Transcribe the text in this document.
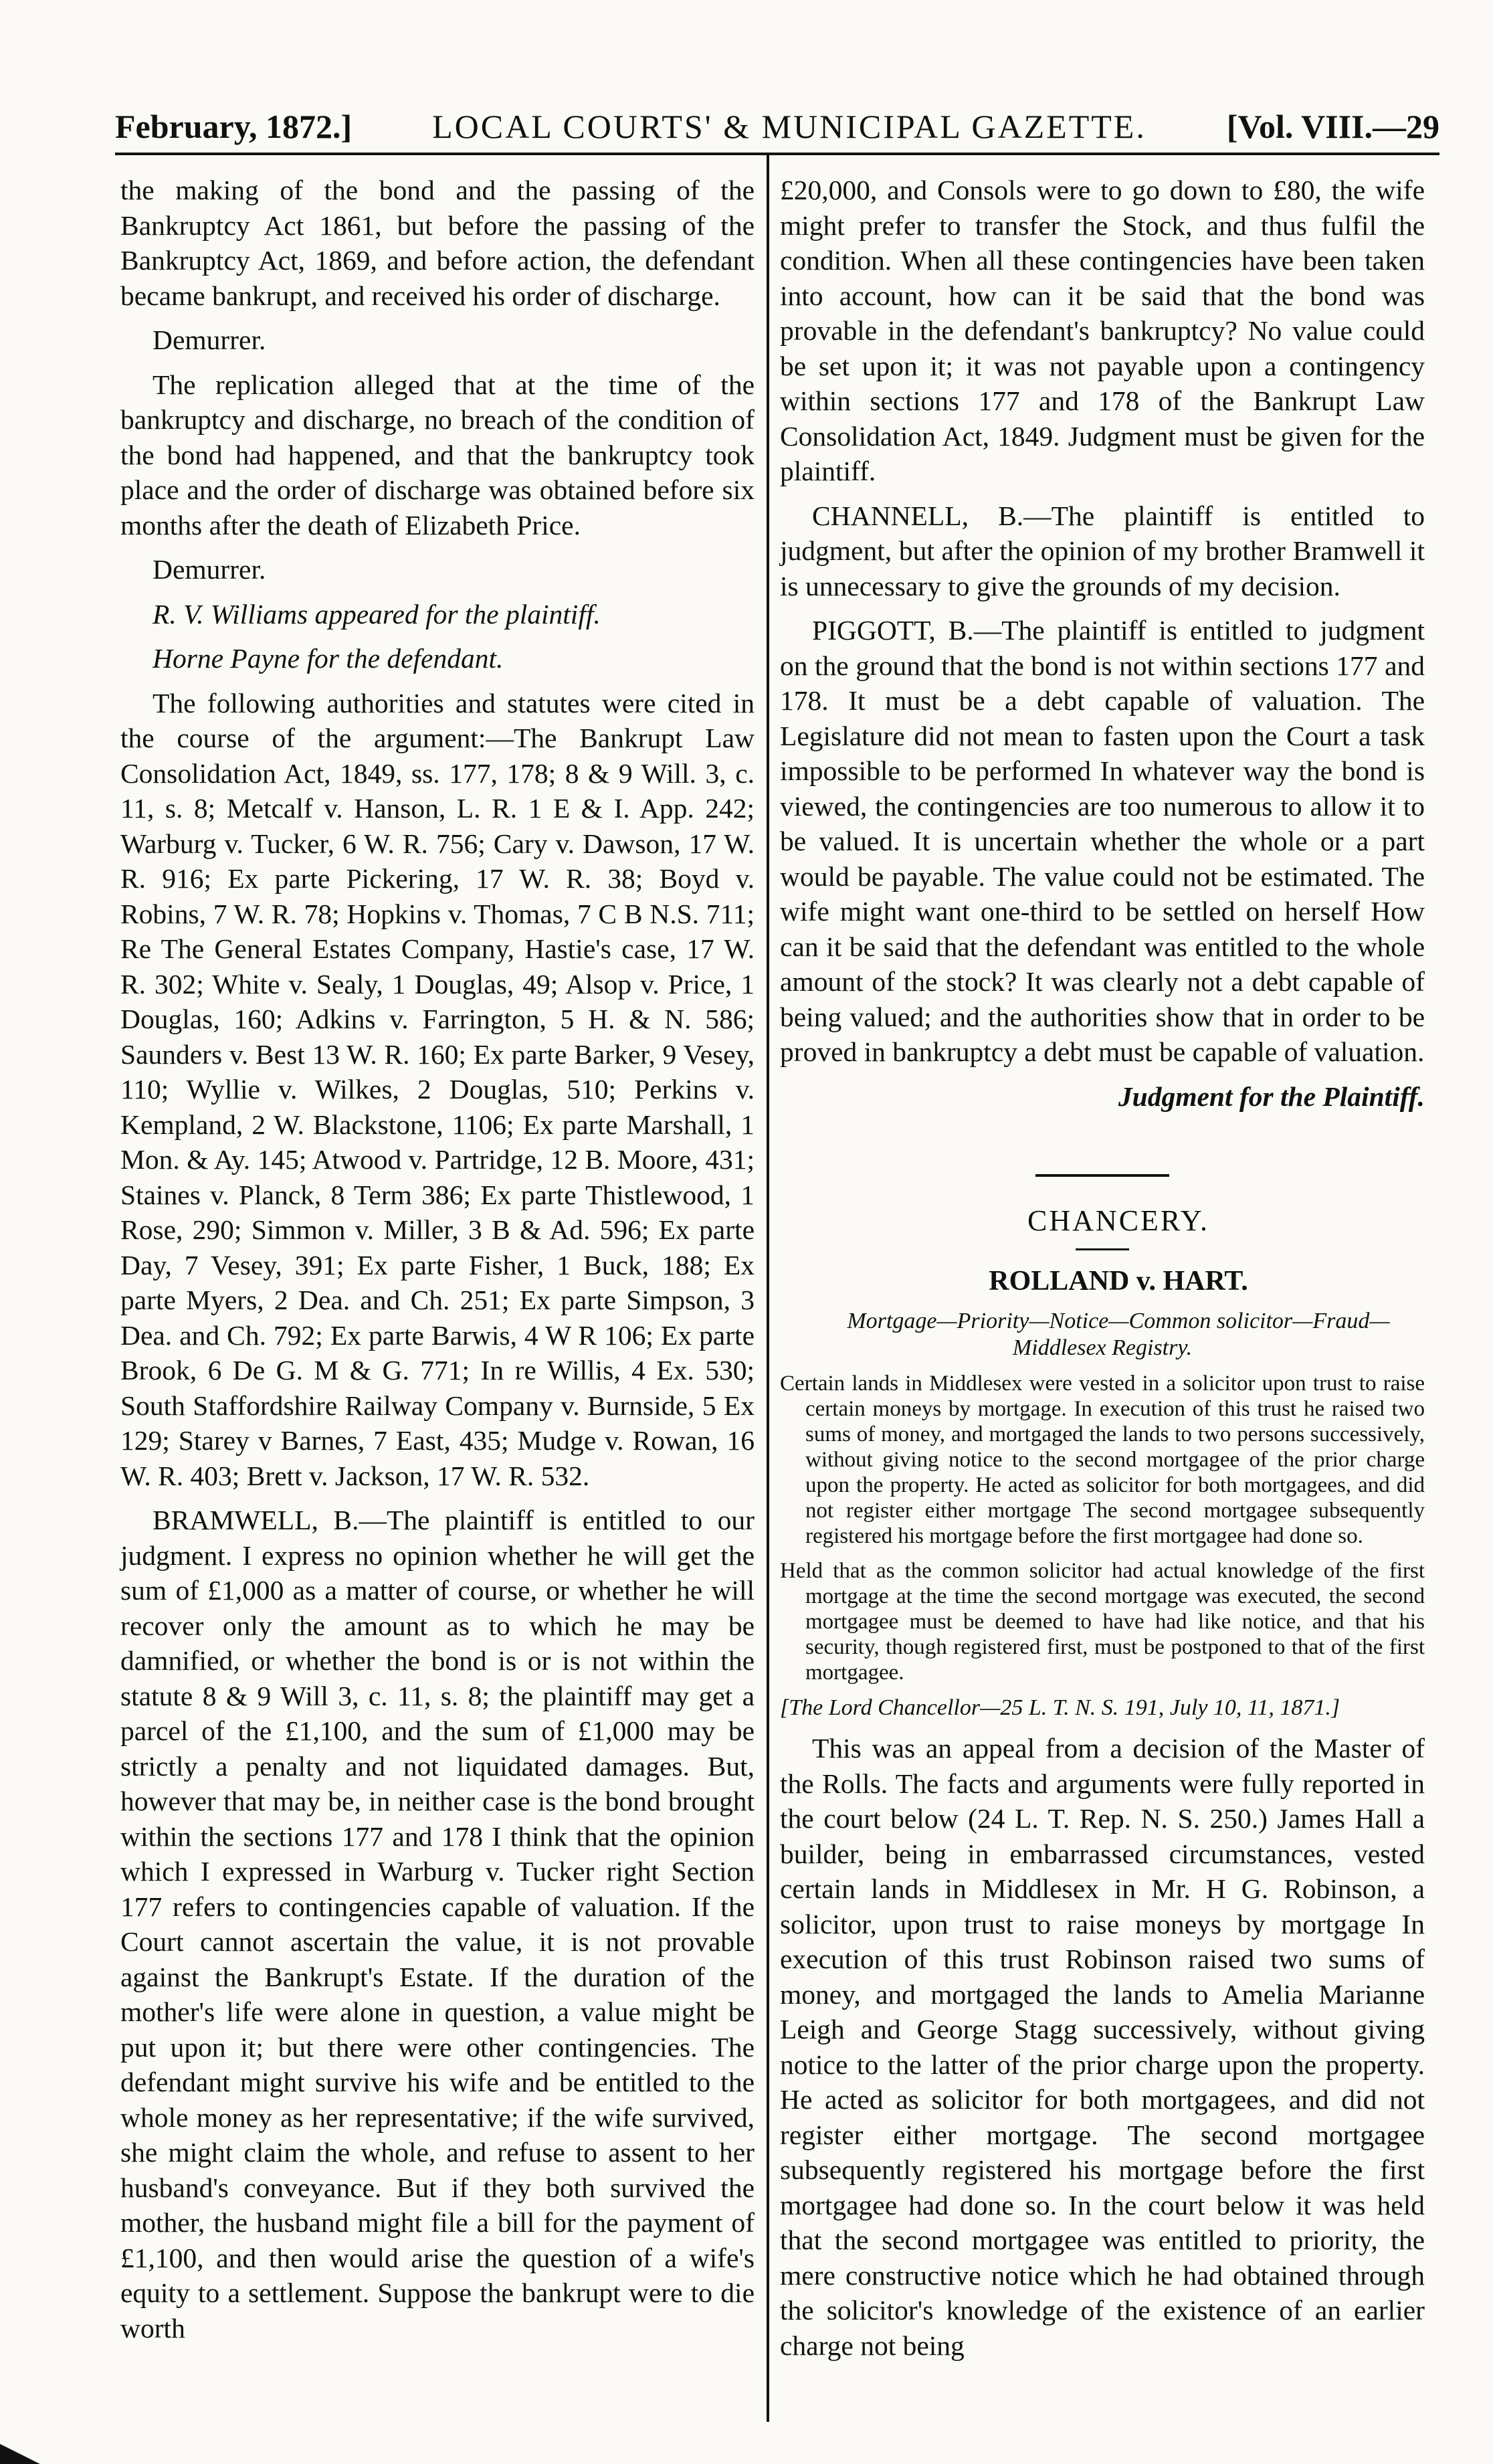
February, 1872.] LOCAL COURTS' & MUNICIPAL GAZETTE. [Vol. VIII.—29

the making of the bond and the passing of the Bankruptcy Act 1861, but before the passing of the Bankruptcy Act, 1869, and before action, the defendant became bankrupt, and received his order of discharge.

Demurrer.

The replication alleged that at the time of the bankruptcy and discharge, no breach of the condition of the bond had happened, and that the bankruptcy took place and the order of discharge was obtained before six months after the death of Elizabeth Price.

Demurrer.

R. V. Williams appeared for the plaintiff.

Horne Payne for the defendant.

The following authorities and statutes were cited in the course of the argument:—The Bankrupt Law Consolidation Act, 1849, ss. 177, 178; 8 & 9 Will. 3, c. 11, s. 8; Metcalf v. Hanson, L. R. 1 E & I. App. 242; Warburg v. Tucker, 6 W. R. 756; Cary v. Dawson, 17 W. R. 916; Ex parte Pickering, 17 W. R. 38; Boyd v. Robins, 7 W. R. 78; Hopkins v. Thomas, 7 C B N.S. 711; Re The General Estates Company, Hastie's case, 17 W. R. 302; White v. Sealy, 1 Douglas, 49; Alsop v. Price, 1 Douglas, 160; Adkins v. Farrington, 5 H. & N. 586; Saunders v. Best 13 W. R. 160; Ex parte Barker, 9 Vesey, 110; Wyllie v. Wilkes, 2 Douglas, 510; Perkins v. Kempland, 2 W. Blackstone, 1106; Ex parte Marshall, 1 Mon. & Ay. 145; Atwood v. Partridge, 12 B. Moore, 431; Staines v. Planck, 8 Term 386; Ex parte Thistlewood, 1 Rose, 290; Simmon v. Miller, 3 B & Ad. 596; Ex parte Day, 7 Vesey, 391; Ex parte Fisher, 1 Buck, 188; Ex parte Myers, 2 Dea. and Ch. 251; Ex parte Simpson, 3 Dea. and Ch. 792; Ex parte Barwis, 4 W R 106; Ex parte Brook, 6 De G. M & G. 771; In re Willis, 4 Ex. 530; South Staffordshire Railway Company v. Burnside, 5 Ex 129; Starey v Barnes, 7 East, 435; Mudge v. Rowan, 16 W. R. 403; Brett v. Jackson, 17 W. R. 532.

BRAMWELL, B.—The plaintiff is entitled to our judgment. I express no opinion whether he will get the sum of £1,000 as a matter of course, or whether he will recover only the amount as to which he may be damnified, or whether the bond is or is not within the statute 8 & 9 Will 3, c. 11, s. 8; the plaintiff may get a parcel of the £1,100, and the sum of £1,000 may be strictly a penalty and not liquidated damages. But, however that may be, in neither case is the bond brought within the sections 177 and 178 I think that the opinion which I expressed in Warburg v. Tucker right Section 177 refers to contingencies capable of valuation. If the Court cannot ascertain the value, it is not provable against the Bankrupt's Estate. If the duration of the mother's life were alone in question, a value might be put upon it; but there were other contingencies. The defendant might survive his wife and be entitled to the whole money as her representative; if the wife survived, she might claim the whole, and refuse to assent to her husband's conveyance. But if they both survived the mother, the husband might file a bill for the payment of £1,100, and then would arise the question of a wife's equity to a settlement. Suppose the bankrupt were to die worth

£20,000, and Consols were to go down to £80, the wife might prefer to transfer the Stock, and thus fulfil the condition. When all these contingencies have been taken into account, how can it be said that the bond was provable in the defendant's bankruptcy? No value could be set upon it; it was not payable upon a contingency within sections 177 and 178 of the Bankrupt Law Consolidation Act, 1849. Judgment must be given for the plaintiff.

CHANNELL, B.—The plaintiff is entitled to judgment, but after the opinion of my brother Bramwell it is unnecessary to give the grounds of my decision.

PIGGOTT, B.—The plaintiff is entitled to judgment on the ground that the bond is not within sections 177 and 178. It must be a debt capable of valuation. The Legislature did not mean to fasten upon the Court a task impossible to be performed In whatever way the bond is viewed, the contingencies are too numerous to allow it to be valued. It is uncertain whether the whole or a part would be payable. The value could not be estimated. The wife might want one-third to be settled on herself How can it be said that the defendant was entitled to the whole amount of the stock? It was clearly not a debt capable of being valued; and the authorities show that in order to be proved in bankruptcy a debt must be capable of valuation.

Judgment for the Plaintiff.

CHANCERY.

ROLLAND v. HART.

Mortgage—Priority—Notice—Common solicitor—Fraud—Middlesex Registry.

Certain lands in Middlesex were vested in a solicitor upon trust to raise certain moneys by mortgage. In execution of this trust he raised two sums of money, and mortgaged the lands to two persons successively, without giving notice to the second mortgagee of the prior charge upon the property. He acted as solicitor for both mortgagees, and did not register either mortgage The second mortgagee subsequently registered his mortgage before the first mortgagee had done so.

Held that as the common solicitor had actual knowledge of the first mortgage at the time the second mortgage was executed, the second mortgagee must be deemed to have had like notice, and that his security, though registered first, must be postponed to that of the first mortgagee.

[The Lord Chancellor—25 L. T. N. S. 191, July 10, 11, 1871.]

This was an appeal from a decision of the Master of the Rolls. The facts and arguments were fully reported in the court below (24 L. T. Rep. N. S. 250.) James Hall a builder, being in embarrassed circumstances, vested certain lands in Middlesex in Mr. H G. Robinson, a solicitor, upon trust to raise moneys by mortgage In execution of this trust Robinson raised two sums of money, and mortgaged the lands to Amelia Marianne Leigh and George Stagg successively, without giving notice to the latter of the prior charge upon the property. He acted as solicitor for both mortgagees, and did not register either mortgage. The second mortgagee subsequently registered his mortgage before the first mortgagee had done so. In the court below it was held that the second mortgagee was entitled to priority, the mere constructive notice which he had obtained through the solicitor's knowledge of the existence of an earlier charge not being
